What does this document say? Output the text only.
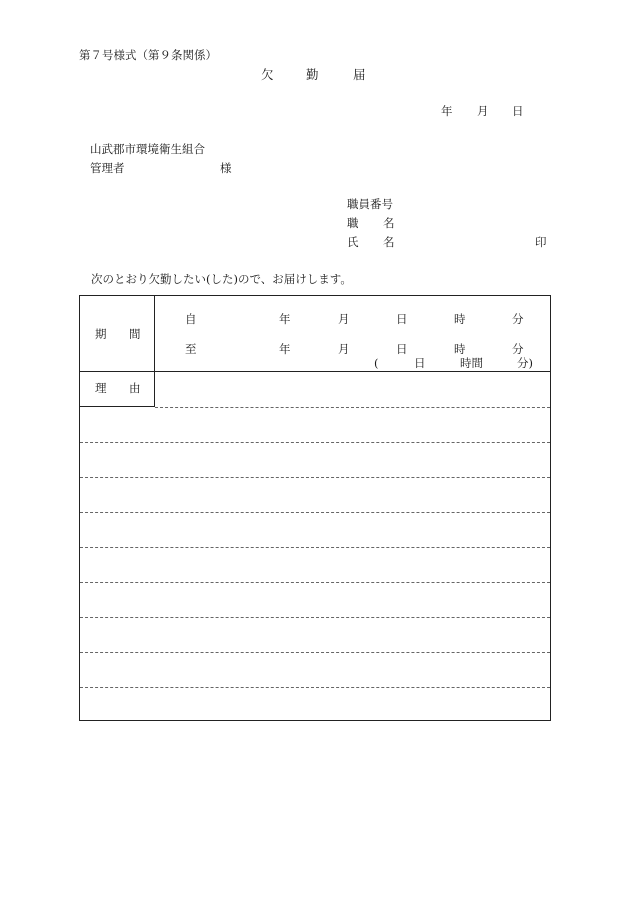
第７号様式（第９条関係）
欠	勤	届
年 月 日
山武郡市環境衛生組合
管理者	様
職員番号
職 名
氏 名	印
次のとおり欠勤したい(した)ので、お届けします。
期 間
自	年	月	日	時	分
至	年	月	日	時	分
(	日	時間	分)
理 由
